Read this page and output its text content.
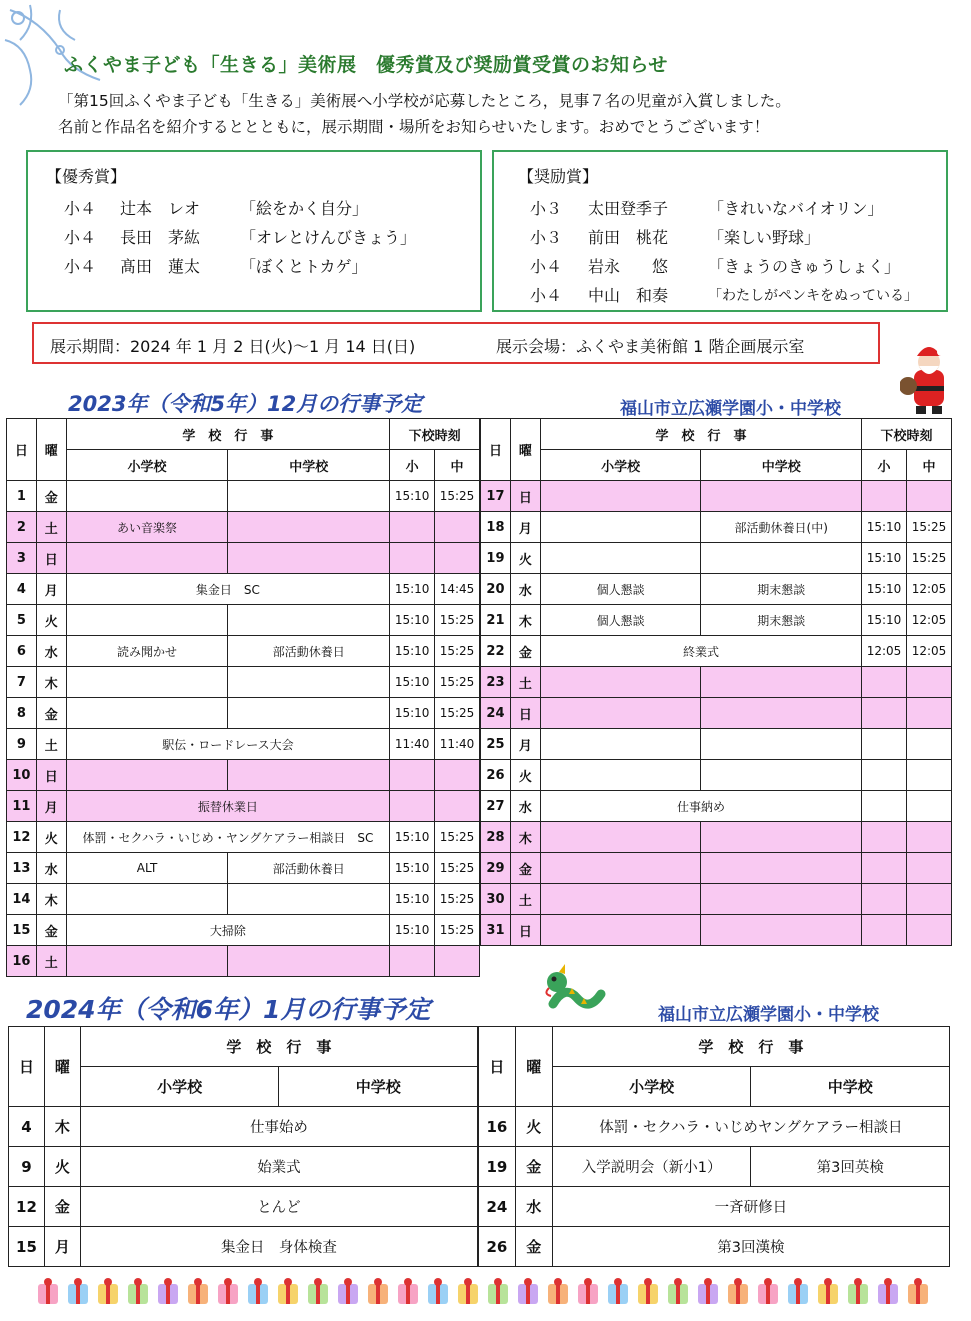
ふくやま子ども「生きる」美術展　優秀賞及び奨励賞受賞のお知らせ
「第15回ふくやま子ども「生きる」美術展へ小学校が応募したところ，見事７名の児童が入賞しました。
名前と作品名を紹介するととともに，展示期間・場所をお知らせいたします。おめでとうございます！
【優秀賞】
小４ 辻本　レオ 「絵をかく自分」
小４ 長田　茅紘 「オレとけんびきょう」
小４ 髙田　蓮太 「ぼくとトカゲ」
【奨励賞】
小３ 太田登季子 「きれいなバイオリン」
小３ 前田　桃花 「楽しい野球」
小４ 岩永　　悠 「きょうのきゅうしょく」
小４ 中山　和奏	「わたしがペンキをぬっている」
展示期間：2024 年 1 月 2 日(火)～1 月 14 日(日)	展示会場：ふくやま美術館 1 階企画展示室
2023年（令和5年）12月の行事予定	福山市立広瀬学園小・中学校
日	曜	学　校　行　事		下校時刻	
		小学校	中学校	小	中
1	金			15:10	15:25
2	土	あい音楽祭			
3	日				
4	月	集金日　SC		15:10	14:45
5	火			15:10	15:25
6	水	読み聞かせ	部活動休養日	15:10	15:25
7	木			15:10	15:25
8	金			15:10	15:25
9	土	駅伝・ロードレース大会		11:40	11:40
10	日				
11	月	振替休業日			
12	火	体罰・セクハラ・いじめ・ヤングケアラー相談日　SC		15:10	15:25
13	水	ALT	部活動休養日	15:10	15:25
14	木			15:10	15:25
15	金	大掃除		15:10	15:25
16	土				
日	曜	学　校　行　事		下校時刻	
		小学校	中学校	小	中
17	日				
18	月		部活動休養日(中)	15:10	15:25
19	火			15:10	15:25
20	水	個人懇談	期末懇談	15:10	12:05
21	木	個人懇談	期末懇談	15:10	12:05
22	金	終業式		12:05	12:05
23	土				
24	日				
25	月				
26	火				
27	水	仕事納め			
28	木				
29	金				
30	土				
31	日				
2024年（令和6年）1月の行事予定	福山市立広瀬学園小・中学校
日	曜	学　校　行　事	
		小学校	中学校
4	木	仕事始め	
9	火	始業式	
12	金	とんど	
15	月	集金日　身体検査	
日	曜	学　校　行　事	
		小学校	中学校
16	火	体罰・セクハラ・いじめヤングケアラー相談日	
19	金	入学説明会（新小1）	第3回英検
24	水	一斉研修日	
26	金	第3回漢検	
